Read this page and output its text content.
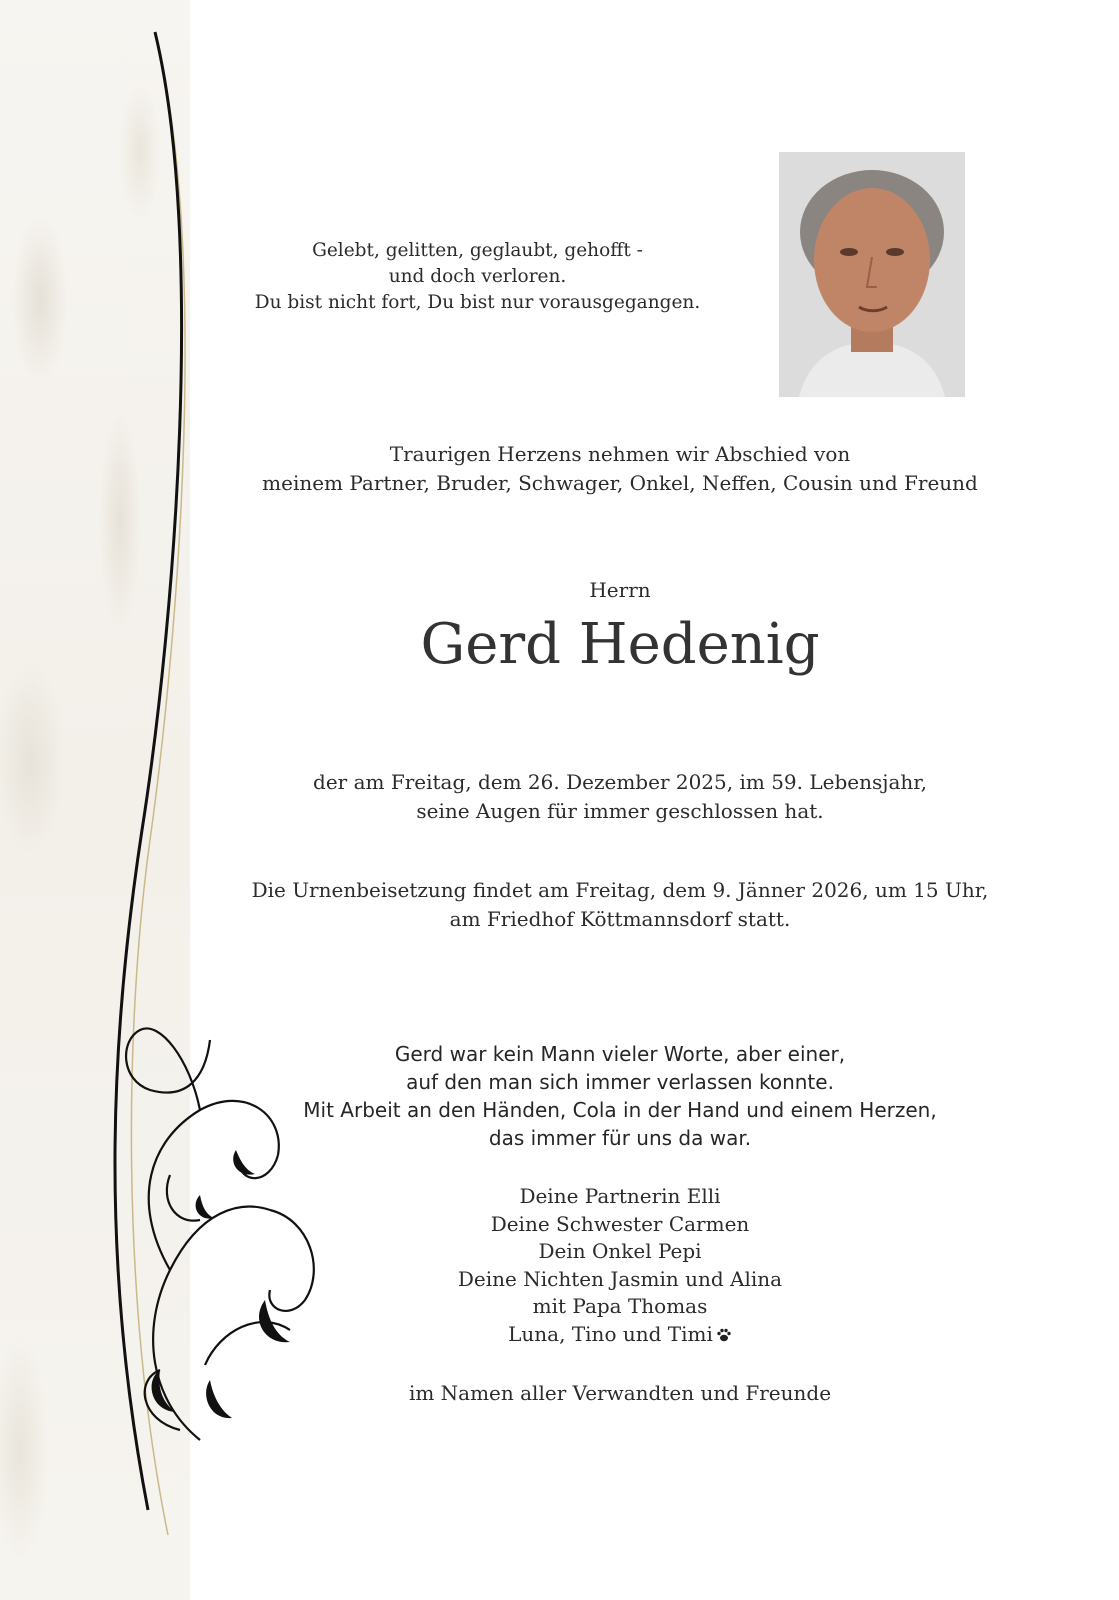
Gelebt, gelitten, geglaubt, gehofft -
und doch verloren.
Du bist nicht fort, Du bist nur vorausgegangen.
Traurigen Herzens nehmen wir Abschied von
meinem Partner, Bruder, Schwager, Onkel, Neffen, Cousin und Freund
Herrn
Gerd Hedenig
der am Freitag, dem 26. Dezember 2025, im 59. Lebensjahr,
seine Augen für immer geschlossen hat.
Die Urnenbeisetzung findet am Freitag, dem 9. Jänner 2026, um 15 Uhr,
am Friedhof Köttmannsdorf statt.
Gerd war kein Mann vieler Worte, aber einer,
auf den man sich immer verlassen konnte.
Mit Arbeit an den Händen, Cola in der Hand und einem Herzen,
das immer für uns da war.
Deine Partnerin Elli
Deine Schwester Carmen
Dein Onkel Pepi
Deine Nichten Jasmin und Alina
mit Papa Thomas
Luna, Tino und Timi
im Namen aller Verwandten und Freunde
